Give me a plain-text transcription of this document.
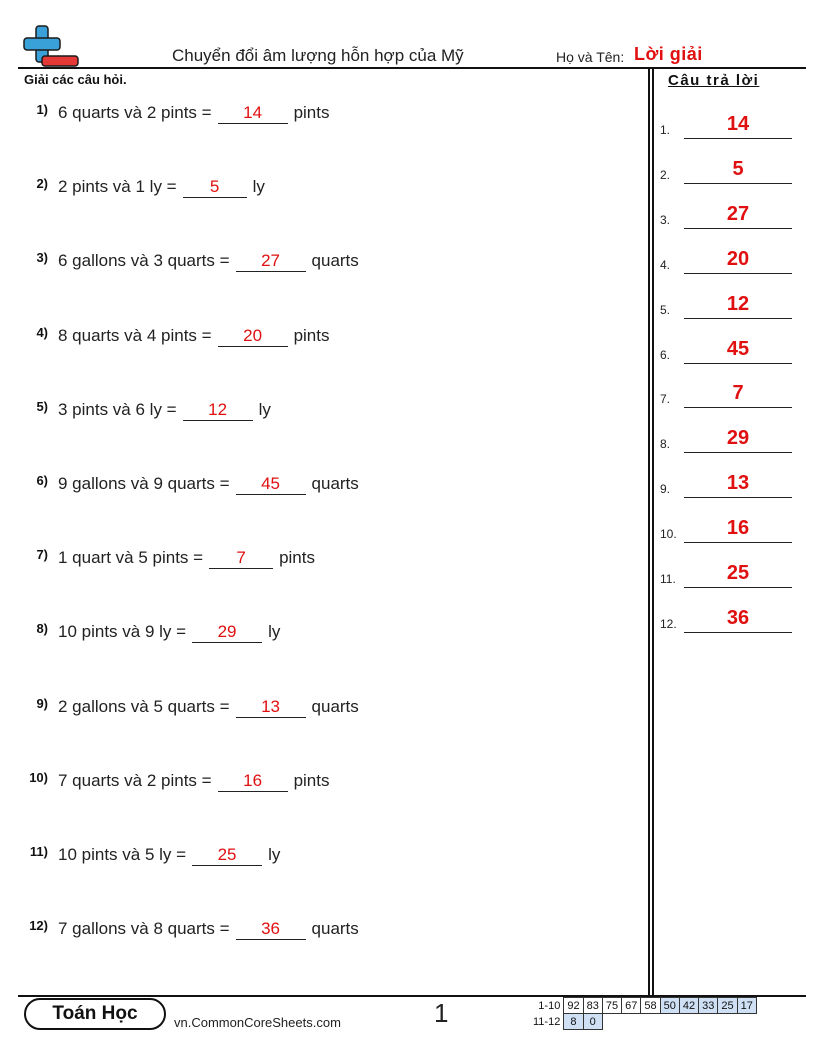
Chuyển đổi âm lượng hỗn hợp của Mỹ	Họ và Tên: Lời giải
Giải các câu hỏi.	Câu trả lời
1) 6 quarts và 2 pints =	14	pints
2) 2 pints và 1 ly =	5	ly
3) 6 gallons và 3 quarts =	27	quarts
4) 8 quarts và 4 pints =	20	pints
5) 3 pints và 6 ly =	12	ly
6) 9 gallons và 9 quarts =	45	quarts
7) 1 quart và 5 pints =	7	pints
8) 10 pints và 9 ly =	29	ly
9) 2 gallons và 5 quarts =	13	quarts
10) 7 quarts và 2 pints =	16	pints
11) 10 pints và 5 ly =	25	ly
12) 7 gallons và 8 quarts =	36	quarts
1.	14
2.	5
3.	27
4.	20
5.	12
6.	45
7.	7
8.	29
9.	13
10.	16
11.	25
12.	36
Toán Học	vn.CommonCoreSheets.com	1	1-10	92	83	75	67	58	50	42	33	25	17
11-12	8	0								
